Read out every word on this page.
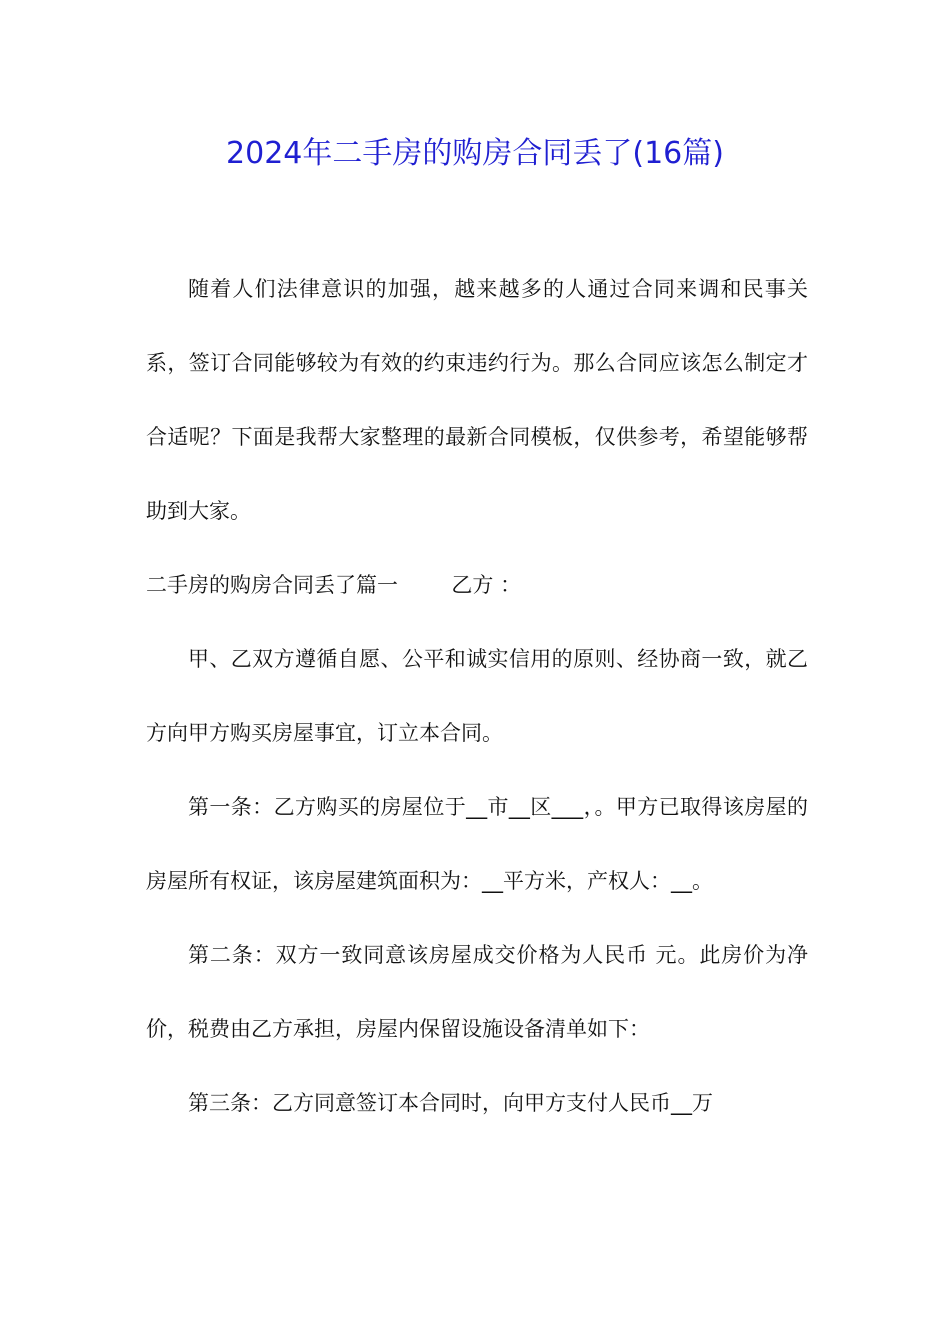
2024年二手房的购房合同丢了(16篇)

随着人们法律意识的加强，越来越多的人通过合同来调和民事关系，签订合同能够较为有效的约束违约行为。那么合同应该怎么制定才合适呢？下面是我帮大家整理的最新合同模板，仅供参考，希望能够帮助到大家。

二手房的购房合同丢了篇一        乙方 ：

甲、乙双方遵循自愿、公平和诚实信用的原则、经协商一致，就乙方向甲方购买房屋事宜，订立本合同。

第一条：乙方购买的房屋位于__市__区___，。甲方已取得该房屋的房屋所有权证，该房屋建筑面积为：__平方米，产权人：__。

第二条：双方一致同意该房屋成交价格为人民币 元。此房价为净价，税费由乙方承担，房屋内保留设施设备清单如下：

第三条：乙方同意签订本合同时，向甲方支付人民币__万
